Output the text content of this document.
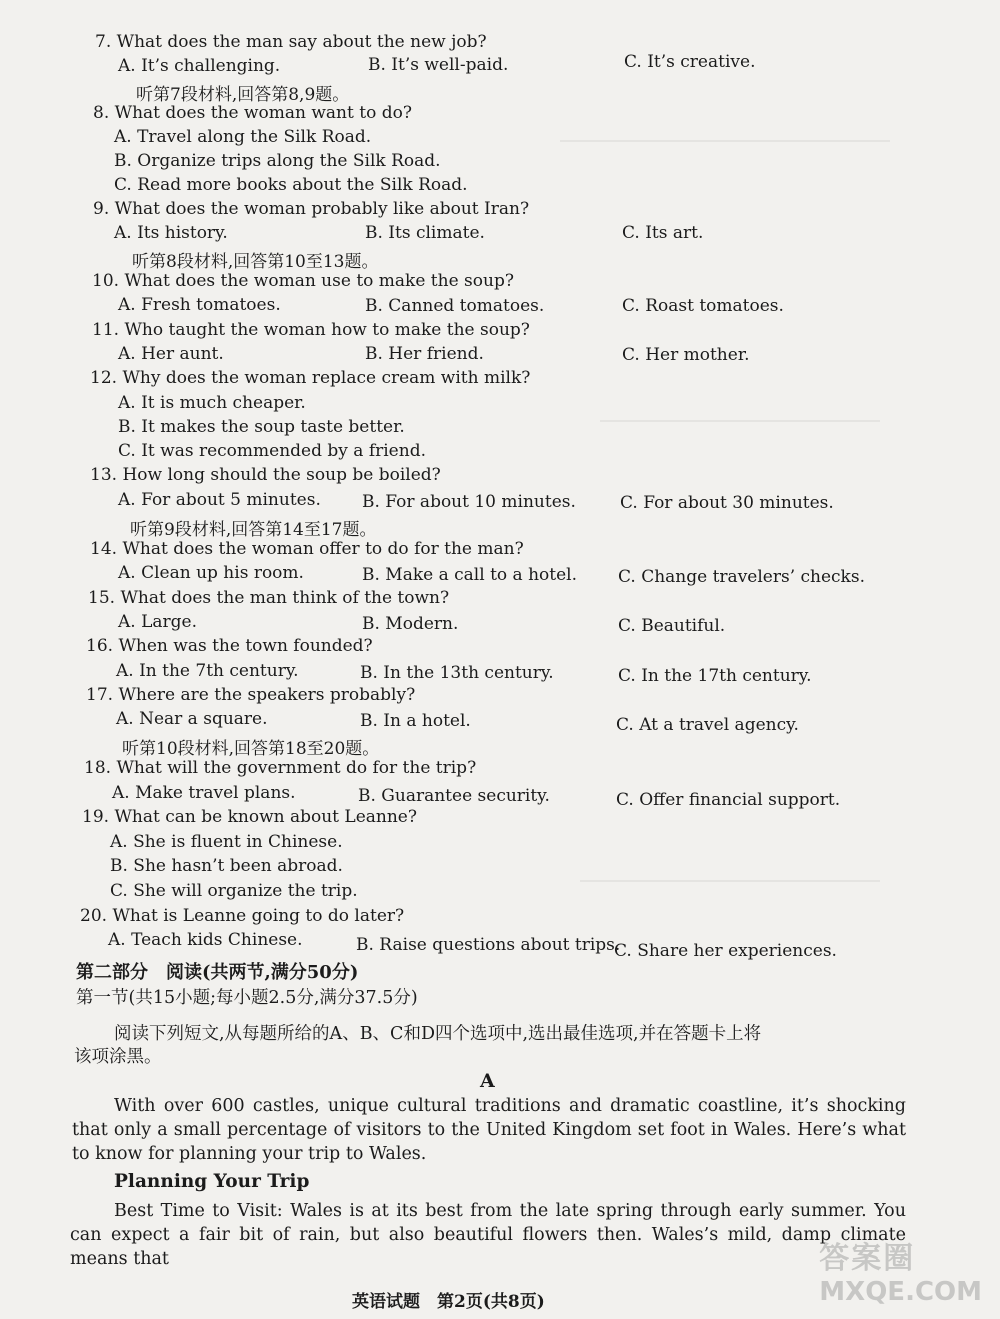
7. What does the man say about the new job?
A. It’s challenging.	B. It’s well-paid.	C. It’s creative.
听第7段材料,回答第8,9题。
8. What does the woman want to do?
A. Travel along the Silk Road.
B. Organize trips along the Silk Road.
C. Read more books about the Silk Road.
9. What does the woman probably like about Iran?
A. Its history.	B. Its climate.	C. Its art.
听第8段材料,回答第10至13题。
10. What does the woman use to make the soup?
A. Fresh tomatoes.	B. Canned tomatoes.	C. Roast tomatoes.
11. Who taught the woman how to make the soup?
A. Her aunt.	B. Her friend.	C. Her mother.
12. Why does the woman replace cream with milk?
A. It is much cheaper.
B. It makes the soup taste better.
C. It was recommended by a friend.
13. How long should the soup be boiled?
A. For about 5 minutes. B. For about 10 minutes.	C. For about 30 minutes.
听第9段材料,回答第14至17题。
14. What does the woman offer to do for the man?
A. Clean up his room.	B. Make a call to a hotel. C. Change travelers’ checks.
15. What does the man think of the town?
A. Large.	B. Modern.	C. Beautiful.
16. When was the town founded?
A. In the 7th century.	B. In the 13th century.	C. In the 17th century.
17. Where are the speakers probably?
A. Near a square.	B. In a hotel.	C. At a travel agency.
听第10段材料,回答第18至20题。
18. What will the government do for the trip?
A. Make travel plans.	B. Guarantee security.	C. Offer financial support.
19. What can be known about Leanne?
A. She is fluent in Chinese.
B. She hasn’t been abroad.
C. She will organize the trip.
20. What is Leanne going to do later?
A. Teach kids Chinese.	B. Raise questions about trips.
C. Share her experiences.
第二部分　阅读(共两节,满分50分)
第一节(共15小题;每小题2.5分,满分37.5分)
阅读下列短文,从每题所给的A、B、C和D四个选项中,选出最佳选项,并在答题卡上将
该项涂黑。
A
With over 600 castles, unique cultural traditions and dramatic coastline, it’s shocking that only a small percentage of visitors to the United Kingdom set foot in Wales. Here’s what to know for planning your trip to Wales.
Planning Your Trip
Best Time to Visit: Wales is at its best from the late spring through early summer. You can expect a fair bit of rain, but also beautiful flowers then. Wales’s mild, damp climate means that
英语试题　第2页(共8页)
答案圈
MXQE.COM
